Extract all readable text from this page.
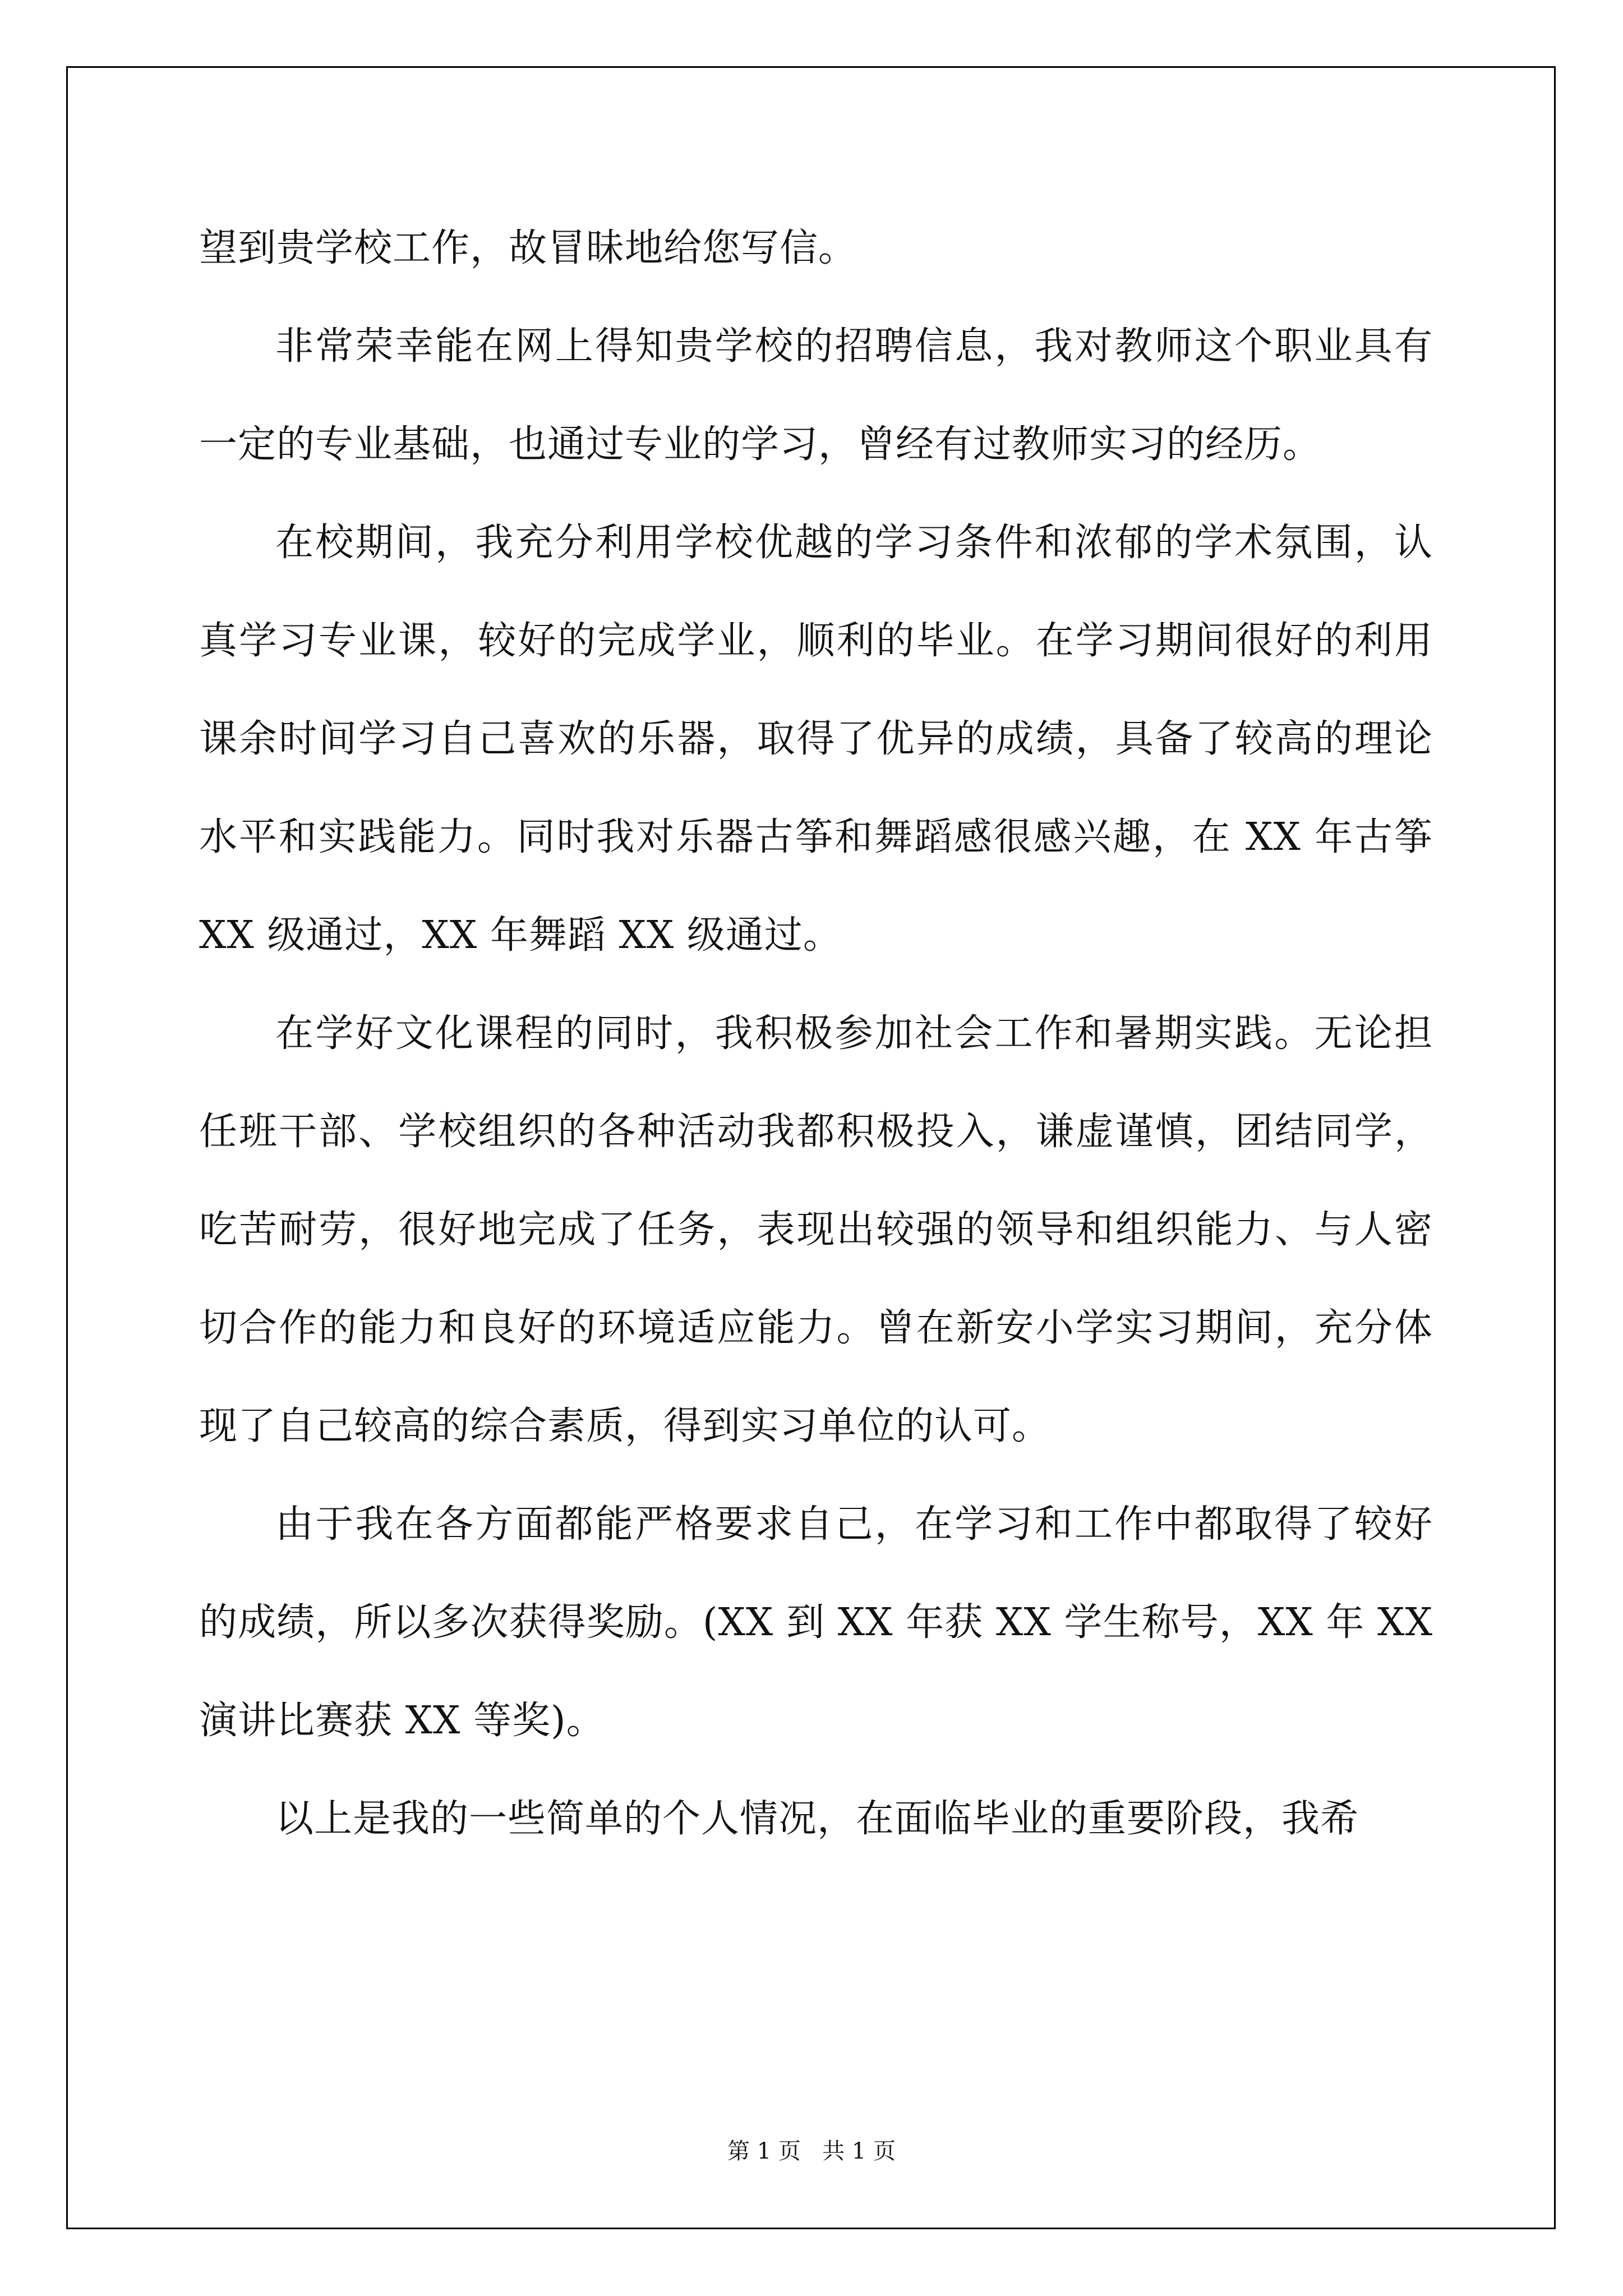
望到贵学校工作，故冒昧地给您写信。

非常荣幸能在网上得知贵学校的招聘信息，我对教师这个职业具有一定的专业基础，也通过专业的学习，曾经有过教师实习的经历。

在校期间，我充分利用学校优越的学习条件和浓郁的学术氛围，认真学习专业课，较好的完成学业，顺利的毕业。在学习期间很好的利用课余时间学习自己喜欢的乐器，取得了优异的成绩，具备了较高的理论水平和实践能力。同时我对乐器古筝和舞蹈感很感兴趣，在 XX 年古筝 XX 级通过，XX 年舞蹈 XX 级通过。

在学好文化课程的同时，我积极参加社会工作和暑期实践。无论担任班干部、学校组织的各种活动我都积极投入，谦虚谨慎，团结同学，吃苦耐劳，很好地完成了任务，表现出较强的领导和组织能力、与人密切合作的能力和良好的环境适应能力。曾在新安小学实习期间，充分体现了自己较高的综合素质，得到实习单位的认可。

由于我在各方面都能严格要求自己，在学习和工作中都取得了较好的成绩，所以多次获得奖励。(XX 到 XX 年获 XX 学生称号，XX 年 XX 演讲比赛获 XX 等奖)。

以上是我的一些简单的个人情况，在面临毕业的重要阶段，我希

第 1 页   共 1 页
